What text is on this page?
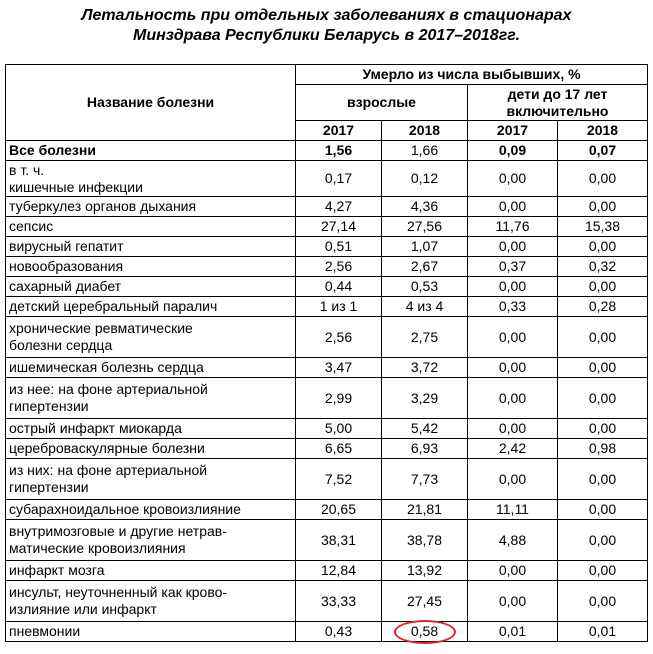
Летальность при отдельных заболеваниях в стационарах
Минздрава Республики Беларусь в 2017–2018гг.
Название болезни	Умерло из числа выбывших, %			
	взрослые		дети до 17 лет
включительно	

	2017	2018	2017	2018

Все болезни	1,56	1,66	0,09	0,07

в т. ч.
кишечные инфекции	0,17	0,12	0,00	0,00

туберкулез органов дыхания	4,27	4,36	0,00	0,00

сепсис	27,14	27,56	11,76	15,38

вирусный гепатит	0,51	1,07	0,00	0,00

новообразования	2,56	2,67	0,37	0,32

сахарный диабет	0,44	0,53	0,00	0,00

детский церебральный паралич	1 из 1	4 из 4	0,33	0,28

хронические ревматические
болезни сердца	2,56	2,75	0,00	0,00

ишемическая болезнь сердца	3,47	3,72	0,00	0,00

из нее: на фоне артериальной
гипертензии	2,99	3,29	0,00	0,00

острый инфаркт миокарда	5,00	5,42	0,00	0,00

цереброваскулярные болезни	6,65	6,93	2,42	0,98

из них: на фоне артериальной
гипертензии	7,52	7,73	0,00	0,00

субарахноидальное кровоизлияние	20,65	21,81	11,11	0,00

внутримозговые и другие нетрав-
матические кровоизлияния	38,31	38,78	4,88	0,00

инфаркт мозга	12,84	13,92	0,00	0,00

инсульт, неуточненный как крово-
излияние или инфаркт	33,33	27,45	0,00	0,00

пневмонии	0,43	0,58	0,01	0,01
